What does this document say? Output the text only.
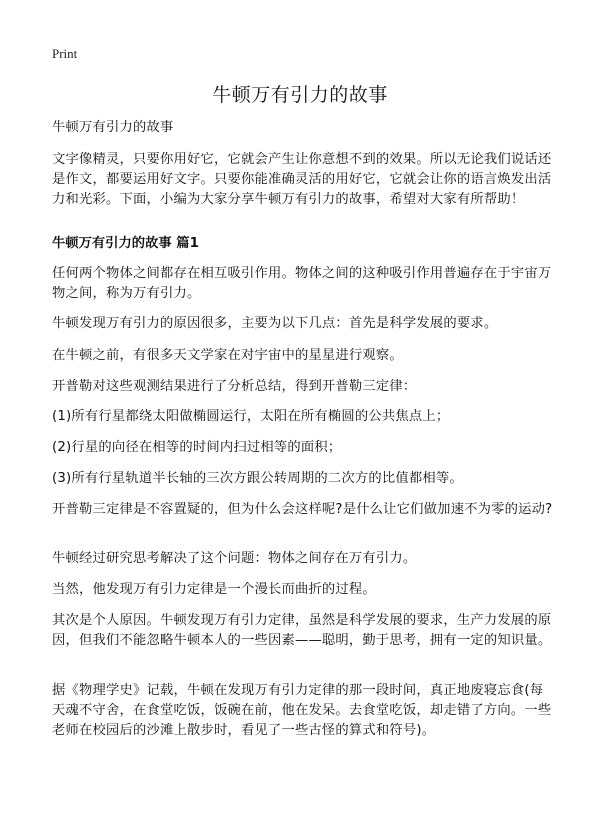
Print
牛顿万有引力的故事

牛顿万有引力的故事

文字像精灵，只要你用好它，它就会产生让你意想不到的效果。所以无论我们说话还是作文，都要运用好文字。只要你能准确灵活的用好它，它就会让你的语言焕发出活力和光彩。下面，小编为大家分享牛顿万有引力的故事，希望对大家有所帮助！

牛顿万有引力的故事 篇1

任何两个物体之间都存在相互吸引作用。物体之间的这种吸引作用普遍存在于宇宙万物之间，称为万有引力。

牛顿发现万有引力的原因很多，主要为以下几点：首先是科学发展的要求。

在牛顿之前，有很多天文学家在对宇宙中的星星进行观察。

开普勒对这些观测结果进行了分析总结，得到开普勒三定律：

(1)所有行星都绕太阳做椭圆运行，太阳在所有椭圆的公共焦点上；

(2)行星的向径在相等的时间内扫过相等的面积；

(3)所有行星轨道半长轴的三次方跟公转周期的二次方的比值都相等。

开普勒三定律是不容置疑的，但为什么会这样呢?是什么让它们做加速不为零的运动?

牛顿经过研究思考解决了这个问题：物体之间存在万有引力。

当然，他发现万有引力定律是一个漫长而曲折的过程。

其次是个人原因。牛顿发现万有引力定律，虽然是科学发展的要求，生产力发展的原因，但我们不能忽略牛顿本人的一些因素——聪明，勤于思考，拥有一定的知识量。

据《物理学史》记载，牛顿在发现万有引力定律的那一段时间，真正地废寝忘食(每天魂不守舍，在食堂吃饭，饭碗在前，他在发呆。去食堂吃饭，却走错了方向。一些老师在校园后的沙滩上散步时，看见了一些古怪的算式和符号)。
